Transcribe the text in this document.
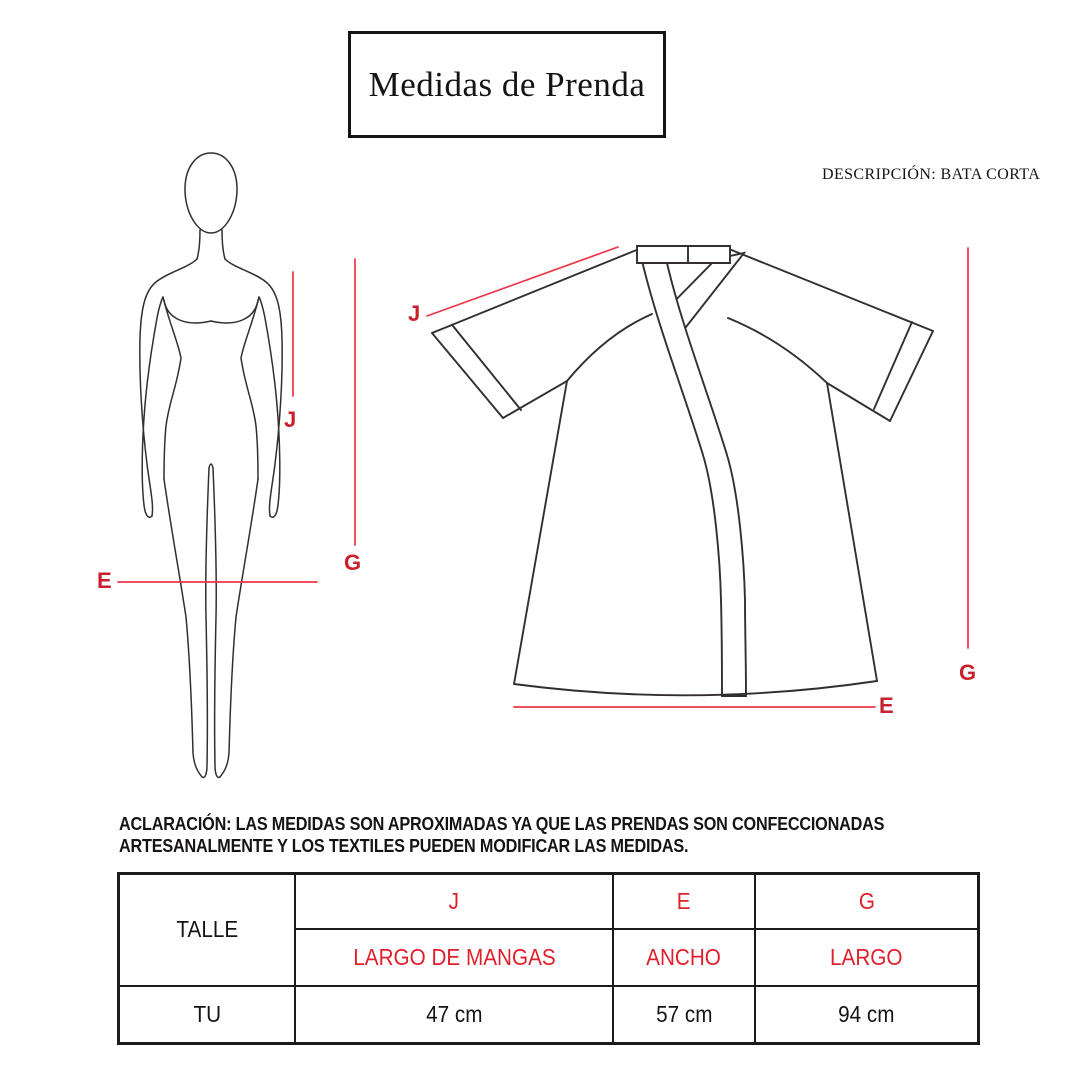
Medidas de Prenda
DESCRIPCIÓN: BATA CORTA
J
G
E
J
E
G
ACLARACIÓN: LAS MEDIDAS SON APROXIMADAS YA QUE LAS PRENDAS SON CONFECCIONADAS
ARTESANALMENTE Y LOS TEXTILES PUEDEN MODIFICAR LAS MEDIDAS.
TALLE	J	E	G
	LARGO DE MANGAS	ANCHO	LARGO
TU	47 cm	57 cm	94 cm
